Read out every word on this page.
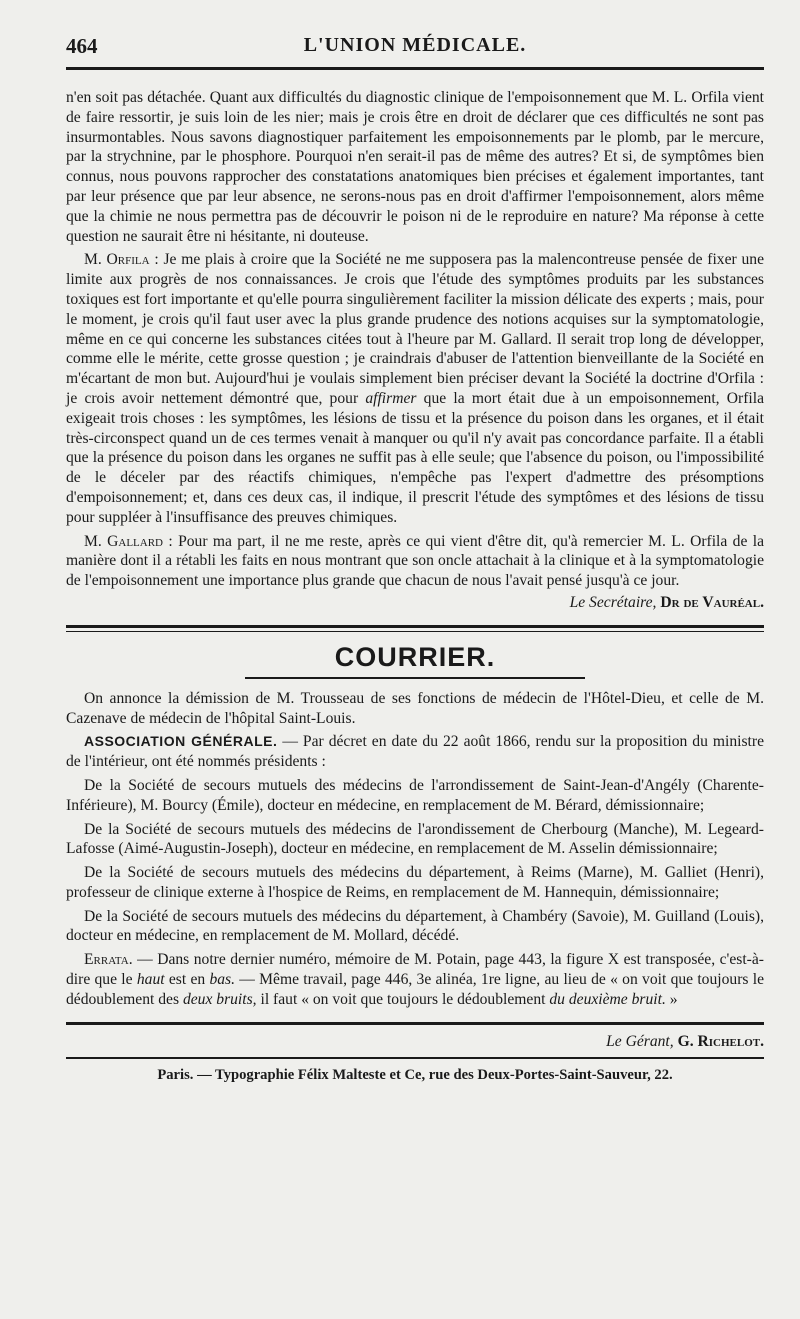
464	L'UNION MÉDICALE.

n'en soit pas détachée. Quant aux difficultés du diagnostic clinique de l'empoisonnement que M. L. Orfila vient de faire ressortir, je suis loin de les nier; mais je crois être en droit de déclarer que ces difficultés ne sont pas insurmontables. Nous savons diagnostiquer parfaitement les empoisonnements par le plomb, par le mercure, par la strychnine, par le phosphore. Pourquoi n'en serait-il pas de même des autres? Et si, de symptômes bien connus, nous pouvons rapprocher des constatations anatomiques bien précises et également importantes, tant par leur présence que par leur absence, ne serons-nous pas en droit d'affirmer l'empoisonnement, alors même que la chimie ne nous permettra pas de découvrir le poison ni de le reproduire en nature? Ma réponse à cette question ne saurait être ni hésitante, ni douteuse.

M. Orfila : Je me plais à croire que la Société ne me supposera pas la malencontreuse pensée de fixer une limite aux progrès de nos connaissances. Je crois que l'étude des symptômes produits par les substances toxiques est fort importante et qu'elle pourra singulièrement faciliter la mission délicate des experts ; mais, pour le moment, je crois qu'il faut user avec la plus grande prudence des notions acquises sur la symptomatologie, même en ce qui concerne les substances citées tout à l'heure par M. Gallard. Il serait trop long de développer, comme elle le mérite, cette grosse question ; je craindrais d'abuser de l'attention bienveillante de la Société en m'écartant de mon but. Aujourd'hui je voulais simplement bien préciser devant la Société la doctrine d'Orfila : je crois avoir nettement démontré que, pour affirmer que la mort était due à un empoisonnement, Orfila exigeait trois choses : les symptômes, les lésions de tissu et la présence du poison dans les organes, et il était très-circonspect quand un de ces termes venait à manquer ou qu'il n'y avait pas concordance parfaite. Il a établi que la présence du poison dans les organes ne suffit pas à elle seule; que l'absence du poison, ou l'impossibilité de le déceler par des réactifs chimiques, n'empêche pas l'expert d'admettre des présomptions d'empoisonnement; et, dans ces deux cas, il indique, il prescrit l'étude des symptômes et des lésions de tissu pour suppléer à l'insuffisance des preuves chimiques.

M. Gallard : Pour ma part, il ne me reste, après ce qui vient d'être dit, qu'à remercier M. L. Orfila de la manière dont il a rétabli les faits en nous montrant que son oncle attachait à la clinique et à la symptomatologie de l'empoisonnement une importance plus grande que chacun de nous l'avait pensé jusqu'à ce jour.

Le Secrétaire, Dr de Vauréal.
COURRIER.

On annonce la démission de M. Trousseau de ses fonctions de médecin de l'Hôtel-Dieu, et celle de M. Cazenave de médecin de l'hôpital Saint-Louis.

ASSOCIATION GÉNÉRALE. — Par décret en date du 22 août 1866, rendu sur la proposition du ministre de l'intérieur, ont été nommés présidents :

De la Société de secours mutuels des médecins de l'arrondissement de Saint-Jean-d'Angély (Charente-Inférieure), M. Bourcy (Émile), docteur en médecine, en remplacement de M. Bérard, démissionnaire;

De la Société de secours mutuels des médecins de l'arondissement de Cherbourg (Manche), M. Legeard-Lafosse (Aimé-Augustin-Joseph), docteur en médecine, en remplacement de M. Asselin démissionnaire;

De la Société de secours mutuels des médecins du département, à Reims (Marne), M. Galliet (Henri), professeur de clinique externe à l'hospice de Reims, en remplacement de M. Hannequin, démissionnaire;

De la Société de secours mutuels des médecins du département, à Chambéry (Savoie), M. Guilland (Louis), docteur en médecine, en remplacement de M. Mollard, décédé.

Errata. — Dans notre dernier numéro, mémoire de M. Potain, page 443, la figure X est transposée, c'est-à-dire que le haut est en bas. — Même travail, page 446, 3e alinéa, 1re ligne, au lieu de « on voit que toujours le dédoublement des deux bruits, il faut « on voit que toujours le dédoublement du deuxième bruit. »

Le Gérant, G. Richelot.
Paris. — Typographie Félix Malteste et Ce, rue des Deux-Portes-Saint-Sauveur, 22.
